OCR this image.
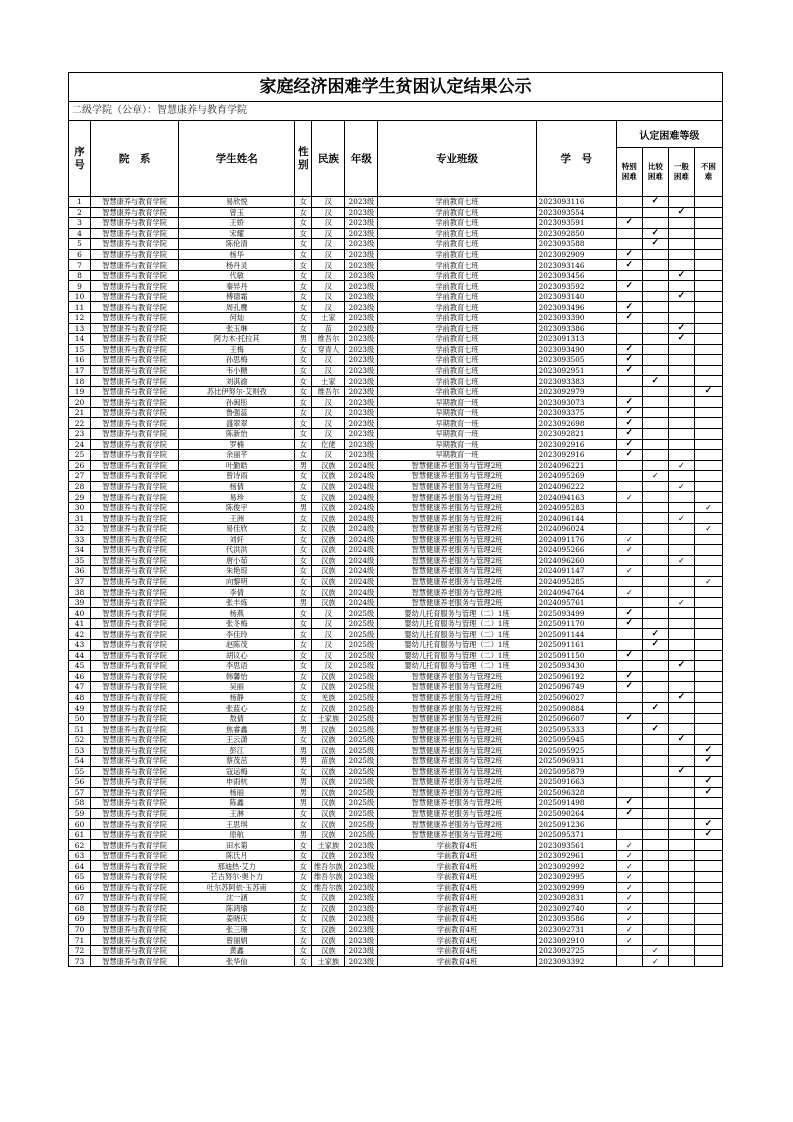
家庭经济困难学生贫困认定结果公示
二级学院（公章）：智慧康养与教育学院
序号	院　系	学生姓名	性别	民族	年级	专业班级	学　号	认定困难等级			

								特别困难	比较困难	一般困难	不困难

1	智慧康养与教育学院	易欣悦	女	汉	2023级	学前教育七班	2023093116		✓		
2	智慧康养与教育学院	曾玉	女	汉	2023级	学前教育七班	2023093554			✓	
3	智慧康养与教育学院	王娇	女	汉	2023级	学前教育七班	2023093591	✓			
4	智慧康养与教育学院	宋耀	女	汉	2023级	学前教育七班	2023092850		✓		
5	智慧康养与教育学院	陈伦清	女	汉	2023级	学前教育七班	2023093588		✓		
6	智慧康养与教育学院	杨华	女	汉	2023级	学前教育七班	2023092909	✓			
7	智慧康养与教育学院	杨丹灵	女	汉	2023级	学前教育七班	2023093146	✓			
8	智慧康养与教育学院	代敏	女	汉	2023级	学前教育七班	2023093456			✓	
9	智慧康养与教育学院	秦异丹	女	汉	2023级	学前教育七班	2023093592	✓			
10	智慧康养与教育学院	傅德霜	女	汉	2023级	学前教育七班	2023093140			✓	
11	智慧康养与教育学院	周孔鹰	女	汉	2023级	学前教育七班	2023093496	✓			
12	智慧康养与教育学院	何灿	女	土家	2023级	学前教育七班	2023093390	✓			
13	智慧康养与教育学院	张玉琳	女	苗	2023级	学前教育七班	2023093386			✓	
14	智慧康养与教育学院	阿力木·托拉其	男	维吾尔	2023级	学前教育七班	2023091313			✓	
15	智慧康养与教育学院	王梅	女	穿青人	2023级	学前教育七班	2023093490	✓			
16	智慧康养与教育学院	孙思梅	女	汉	2023级	学前教育七班	2023093505	✓			
17	智慧康养与教育学院	韦小糖	女	汉	2023级	学前教育七班	2023092951	✓			
18	智慧康养与教育学院	刘淇渝	女	土家	2023级	学前教育七班	2023093383		✓		
19	智慧康养与教育学院	苏比伊努尔·艾则孜	女	维吾尔	2023级	学前教育七班	2023092979				✓
20	智慧康养与教育学院	孙闽彤	女	汉	2023级	早期教育一班	2023093073	✓			
21	智慧康养与教育学院	鲁强蕊	女	汉	2023级	早期教育一班	2023093375	✓			
22	智慧康养与教育学院	盛翠翠	女	汉	2023级	早期教育一班	2023092698	✓			
23	智慧康养与教育学院	陈新怡	女	汉	2023级	早期教育一班	2023092821	✓			
24	智慧康养与教育学院	罗楠	女	仡佬	2023级	早期教育一班	2023092916	✓			
25	智慧康养与教育学院	余丽芊	女	汉	2023级	早期教育一班	2023092916	✓			
26	智慧康养与教育学院	叶勤皓	男	汉族	2024级	智慧健康养老服务与管理2班	2024096221			✓	
27	智慧康养与教育学院	曾诗雨	女	汉族	2024级	智慧健康养老服务与管理2班	2024095269		✓		
28	智慧康养与教育学院	杨倩	女	汉族	2024级	智慧健康养老服务与管理2班	2024096222			✓	
29	智慧康养与教育学院	易珍	女	汉族	2024级	智慧健康养老服务与管理2班	2024094163	✓			
30	智慧康养与教育学院	陈俊宇	男	汉族	2024级	智慧健康养老服务与管理2班	2024095283				✓
31	智慧康养与教育学院	王洲	女	汉族	2024级	智慧健康养老服务与管理2班	2024096144			✓	
32	智慧康养与教育学院	易佳欣	女	汉族	2024级	智慧健康养老服务与管理2班	2024096024				✓
33	智慧康养与教育学院	刘轩	女	汉族	2024级	智慧健康养老服务与管理2班	2024091176	✓			
34	智慧康养与教育学院	代洪洪	女	汉族	2024级	智慧健康养老服务与管理2班	2024095266	✓			
35	智慧康养与教育学院	唐小茹	女	汉族	2024级	智慧健康养老服务与管理2班	2024096260			✓	
36	智慧康养与教育学院	朱艳琼	女	汉族	2024级	智慧健康养老服务与管理2班	2024091147	✓			
37	智慧康养与教育学院	向黎明	女	汉族	2024级	智慧健康养老服务与管理2班	2024095285				✓
38	智慧康养与教育学院	李倩	女	汉族	2024级	智慧健康养老服务与管理2班	2024094764	✓			
39	智慧康养与教育学院	张丰炼	男	汉族	2024级	智慧健康养老服务与管理2班	2024095761			✓	
40	智慧康养与教育学院	杨燕	女	汉	2025级	婴幼儿托育服务与管理（二）1班	2025093499	✓			
41	智慧康养与教育学院	张冬梅	女	汉	2025级	婴幼儿托育服务与管理（二）1班	2025091170	✓			
42	智慧康养与教育学院	李佳玲	女	汉	2025级	婴幼儿托育服务与管理（二）1班	2025091144		✓		
43	智慧康养与教育学院	赵陈茂	女	汉	2025级	婴幼儿托育服务与管理（二）1班	2025091161		✓		
44	智慧康养与教育学院	胡议心	女	汉	2025级	婴幼儿托育服务与管理（二）1班	2025091150	✓			
45	智慧康养与教育学院	李思语	女	汉	2025级	婴幼儿托育服务与管理（二）1班	2025093430			✓	
46	智慧康养与教育学院	韩馨怡	女	汉族	2025级	智慧健康养老服务与管理2班	2025096192	✓			
47	智慧康养与教育学院	吴丽	女	汉族	2025级	智慧健康养老服务与管理2班	2025096749	✓			
48	智慧康养与教育学院	杨静	女	羌族	2025级	智慧健康养老服务与管理2班	2025096027			✓	
49	智慧康养与教育学院	张蓝心	女	汉族	2025级	智慧健康养老服务与管理2班	2025090884		✓		
50	智慧康养与教育学院	敖倩	女	土家族	2025级	智慧健康养老服务与管理2班	2025096607	✓			
51	智慧康养与教育学院	焦睿鑫	男	汉族	2025级	智慧健康养老服务与管理2班	2025095333		✓		
52	智慧康养与教育学院	王云潇	女	汉族	2025级	智慧健康养老服务与管理2班	2025095945			✓	
53	智慧康养与教育学院	彭江	男	汉族	2025级	智慧健康养老服务与管理2班	2025095925				✓
54	智慧康养与教育学院	蔡茂茁	男	苗族	2025级	智慧健康养老服务与管理2班	2025096931				✓
55	智慧康养与教育学院	寇运梅	女	汉族	2025级	智慧健康养老服务与管理2班	2025095879			✓	
56	智慧康养与教育学院	申雨杭	男	汉族	2025级	智慧健康养老服务与管理2班	2025091663				✓
57	智慧康养与教育学院	杨丽	男	汉族	2025级	智慧健康养老服务与管理2班	2025096328				✓
58	智慧康养与教育学院	陈鑫	男	汉族	2025级	智慧健康养老服务与管理2班	2025091498	✓			
59	智慧康养与教育学院	王淋	女	汉族	2025级	智慧健康养老服务与管理2班	2025090264	✓			
60	智慧康养与教育学院	王思琪	女	汉族	2025级	智慧健康养老服务与管理2班	2025091236				✓
61	智慧康养与教育学院	原航	男	汉族	2025级	智慧健康养老服务与管理2班	2025095371				✓
62	智慧康养与教育学院	田水菊	女	土家族	2023级	学前教育4班	2023093561	✓			
63	智慧康养与教育学院	陈氏月	女	汉族	2023级	学前教育4班	2023092961	✓			
64	智慧康养与教育学院	那迪热·艾力	女	维吾尔族	2023级	学前教育4班	2023092992	✓			
65	智慧康养与教育学院	芒古努尔·奥卜力	女	维吾尔族	2023级	学前教育4班	2023092995	✓			
66	智慧康养与教育学院	吐尔苏阿依·玉苏甫	女	维吾尔族	2023级	学前教育4班	2023092999	✓			
67	智慧康养与教育学院	沈一涵	女	汉族	2023级	学前教育4班	2023092831	✓			
68	智慧康养与教育学院	陈鸿瑜	女	汉族	2023级	学前教育4班	2023092740	✓			
69	智慧康养与教育学院	姜晓庆	女	汉族	2023级	学前教育4班	2023093586	✓			
70	智慧康养与教育学院	张三珊	女	汉族	2023级	学前教育4班	2023092731	✓			
71	智慧康养与教育学院	曾丽娟	女	汉族	2023级	学前教育4班	2023092910	✓			
72	智慧康养与教育学院	黄鑫	女	汉族	2023级	学前教育4班	2023092725		✓		
73	智慧康养与教育学院	张华仙	女	土家族	2023级	学前教育4班	2023093392		✓		
